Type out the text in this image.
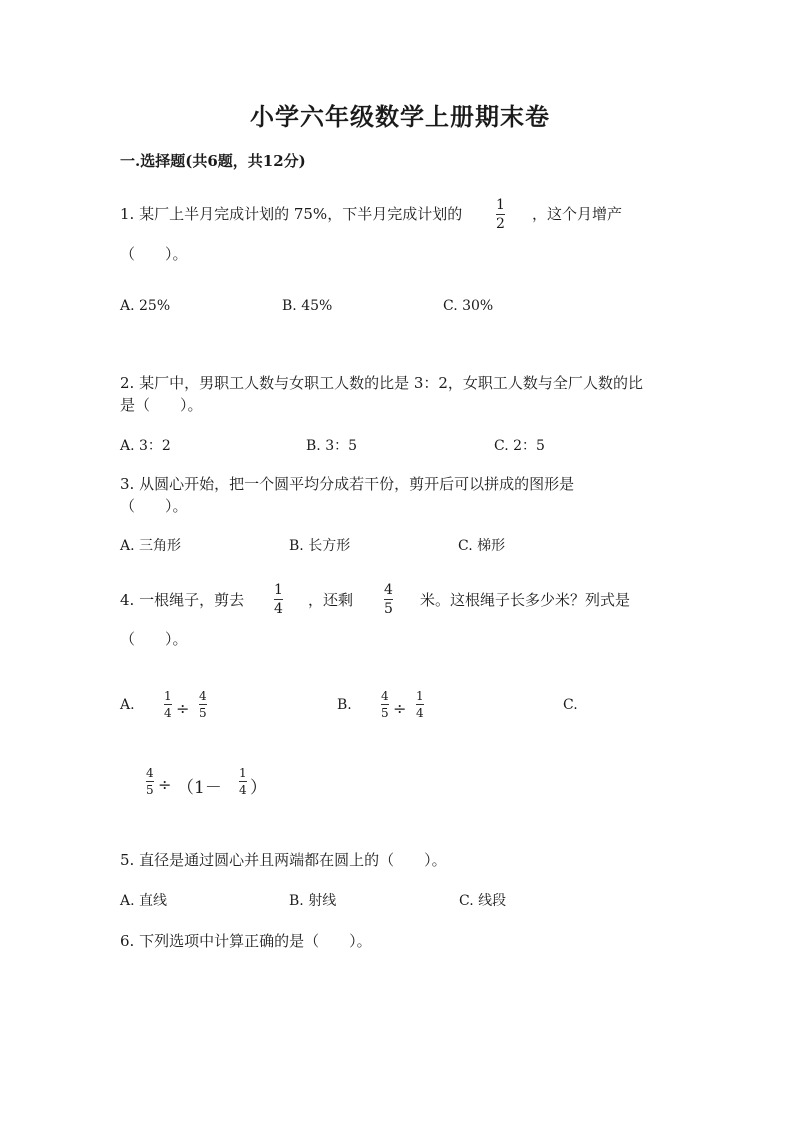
小学六年级数学上册期末卷
一.选择题(共6题，共12分)
1. 某厂上半月完成计划的 75%，下半月完成计划的 $\frac{1}{2}$ ，这个月增产
（　　）。
A. 25%	B. 45%	C. 30%
2. 某厂中，男职工人数与女职工人数的比是 3：2，女职工人数与全厂人数的比
是（　　）。
A. 3：2	B. 3：5	C. 2：5
3. 从圆心开始，把一个圆平均分成若干份，剪开后可以拼成的图形是
（　　）。
A. 三角形	B. 长方形	C. 梯形
4. 一根绳子，剪去 $\frac{1}{4}$ ，还剩 $\frac{4}{5}$ 米。这根绳子长多少米？列式是
（　　）。
A. $\frac{1}{4} \div \frac{4}{5}$	B. $\frac{4}{5} \div \frac{1}{4}$	C.
$\frac{4}{5} \div (1- \frac{1}{4}$ ）
5. 直径是通过圆心并且两端都在圆上的（　　）。
A. 直线	B. 射线	C. 线段
6. 下列选项中计算正确的是（　　）。
